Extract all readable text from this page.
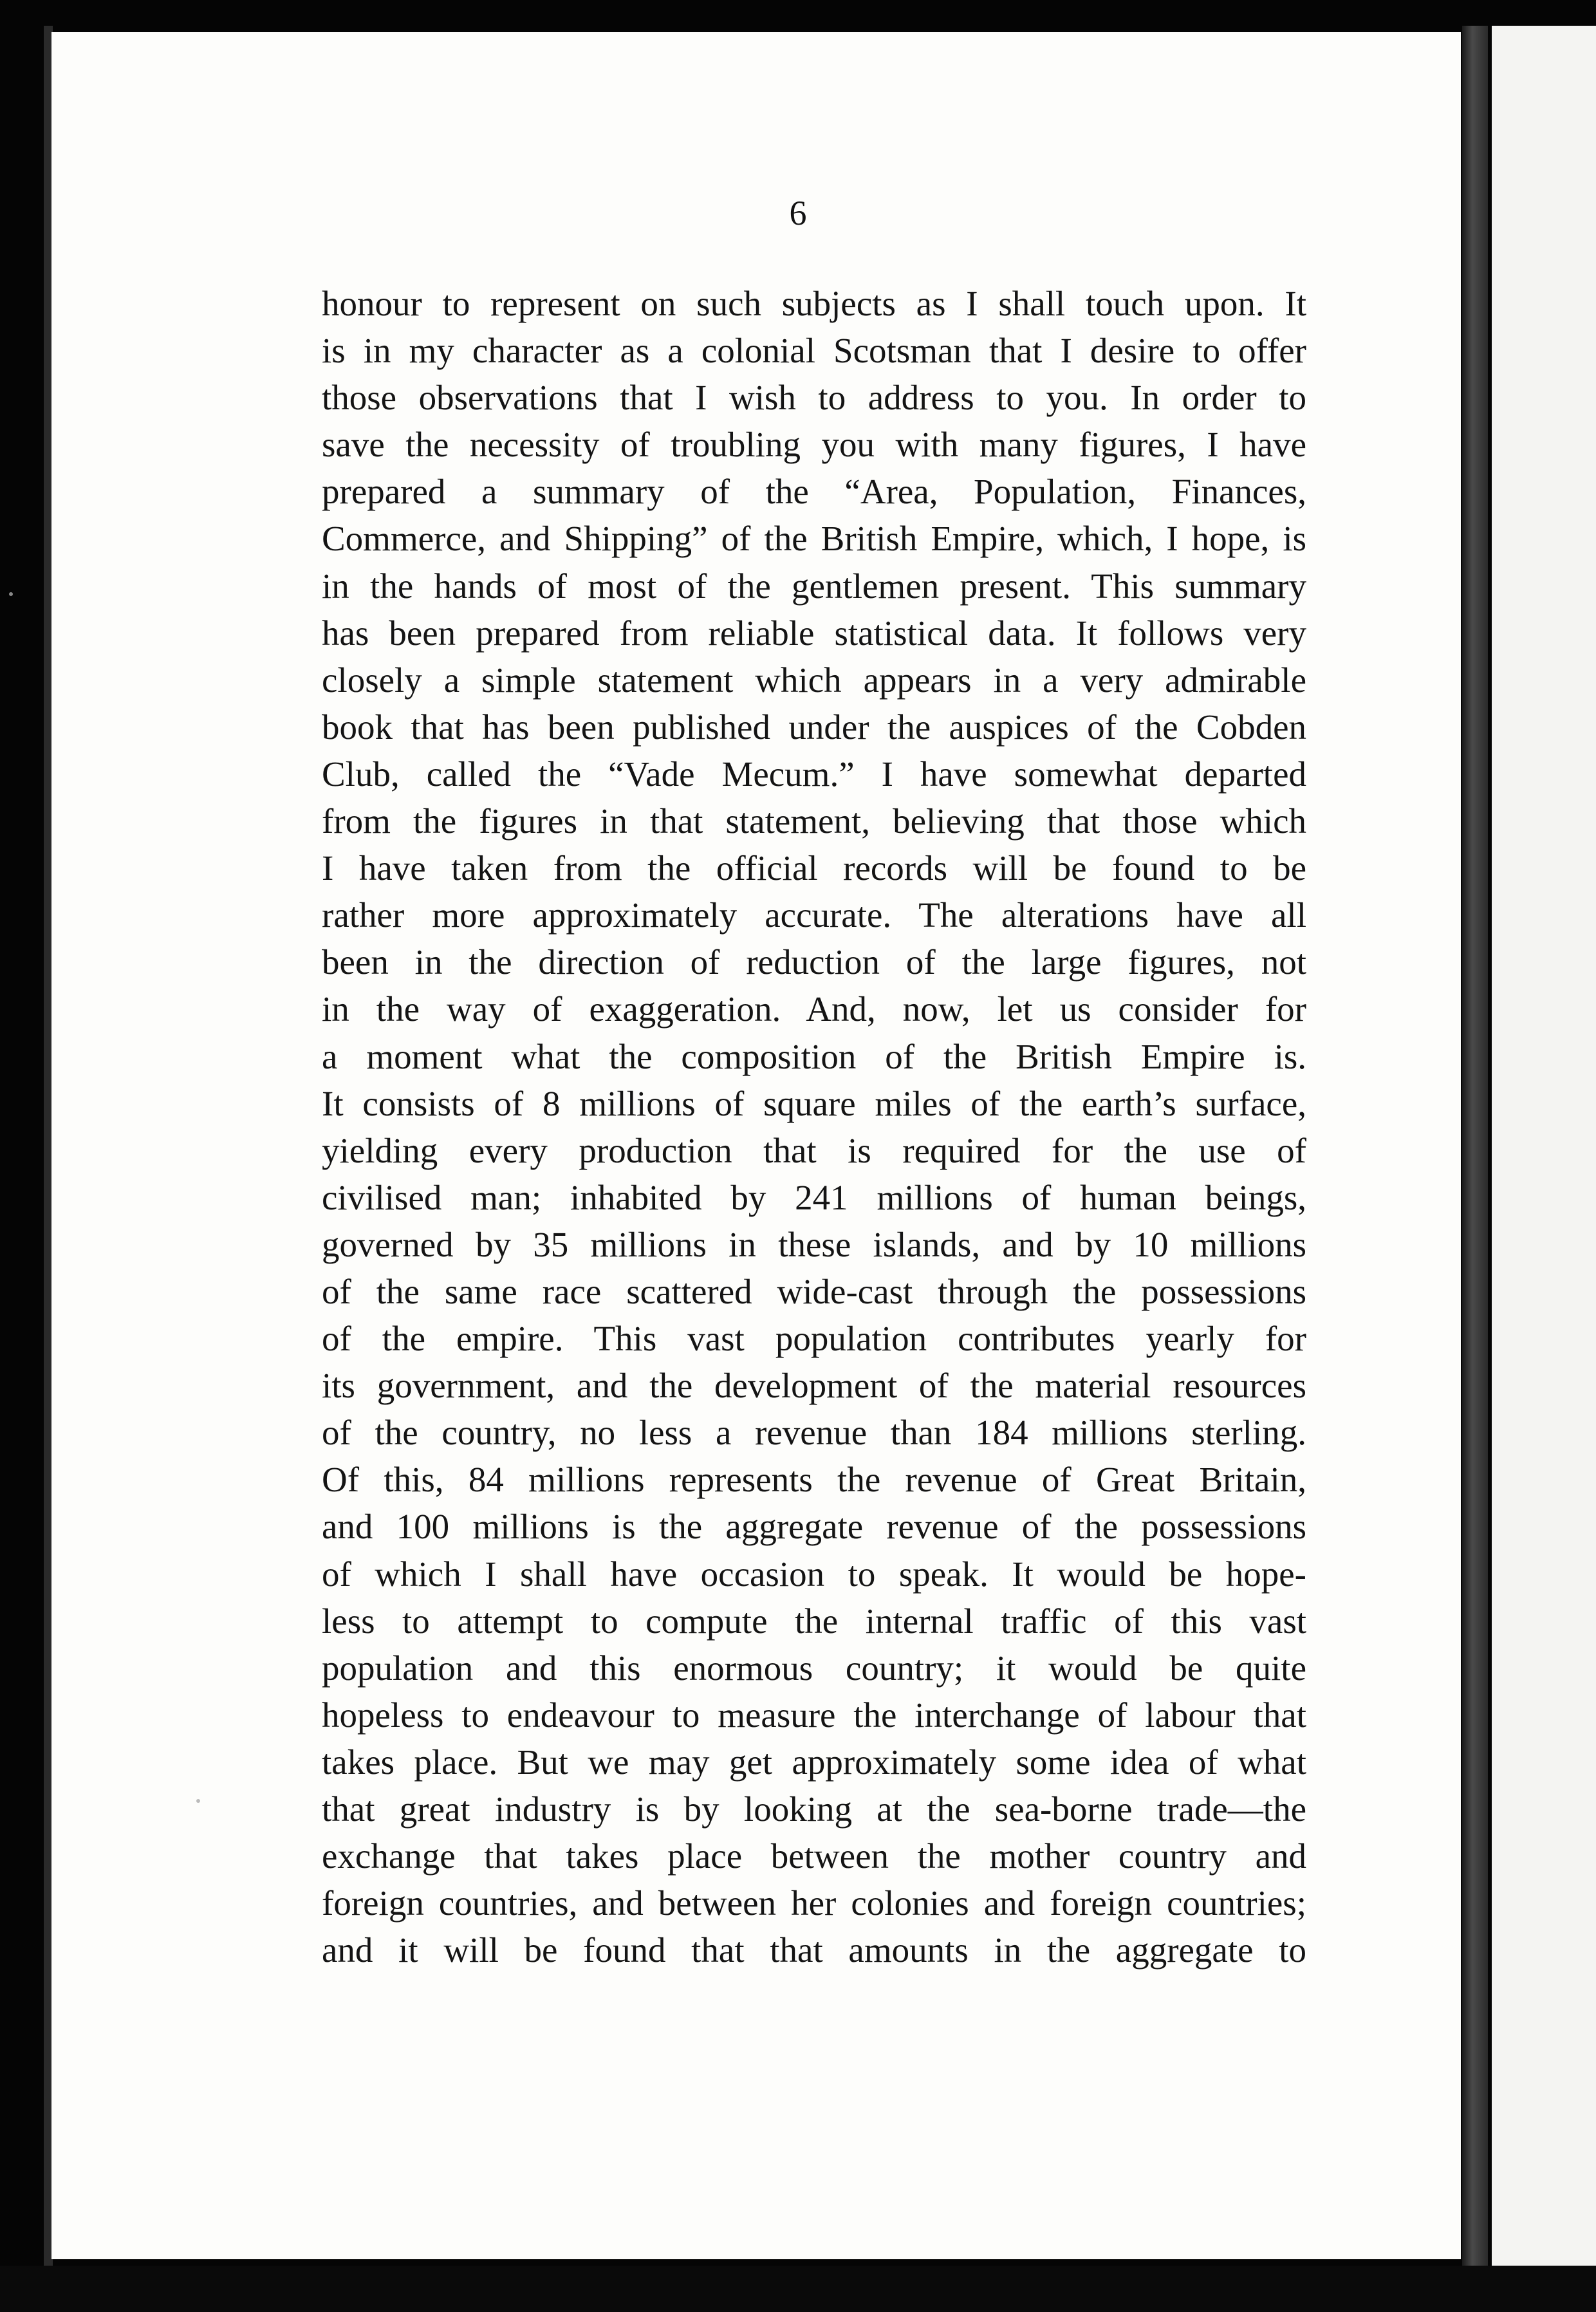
6
honour to represent on such subjects as I shall touch upon. It
is in my character as a colonial Scotsman that I desire to offer
those observations that I wish to address to you. In order to
save the necessity of troubling you with many figures, I have
prepared a summary of the “Area, Population, Finances,
Commerce, and Shipping” of the British Empire, which, I hope, is
in the hands of most of the gentlemen present. This summary
has been prepared from reliable statistical data. It follows very
closely a simple statement which appears in a very admirable
book that has been published under the auspices of the Cobden
Club, called the “Vade Mecum.” I have somewhat departed
from the figures in that statement, believing that those which
I have taken from the official records will be found to be
rather more approximately accurate. The alterations have all
been in the direction of reduction of the large figures, not
in the way of exaggeration. And, now, let us consider for
a moment what the composition of the British Empire is.
It consists of 8 millions of square miles of the earth’s surface,
yielding every production that is required for the use of
civilised man; inhabited by 241 millions of human beings,
governed by 35 millions in these islands, and by 10 millions
of the same race scattered wide-cast through the possessions
of the empire. This vast population contributes yearly for
its government, and the development of the material resources
of the country, no less a revenue than 184 millions sterling.
Of this, 84 millions represents the revenue of Great Britain,
and 100 millions is the aggregate revenue of the possessions
of which I shall have occasion to speak. It would be hope-
less to attempt to compute the internal traffic of this vast
population and this enormous country; it would be quite
hopeless to endeavour to measure the interchange of labour that
takes place. But we may get approximately some idea of what
that great industry is by looking at the sea-borne trade—the
exchange that takes place between the mother country and
foreign countries, and between her colonies and foreign countries;
and it will be found that that amounts in the aggregate to
